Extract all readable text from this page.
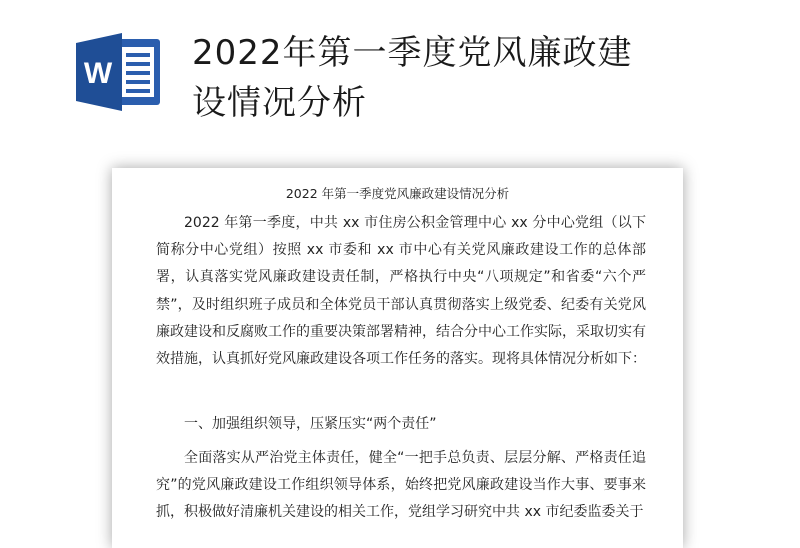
W
2022年第一季度党风廉政建设情况分析
2022 年第一季度党风廉政建设情况分析

2022 年第一季度，中共 xx 市住房公积金管理中心 xx 分中心党组（以下简称分中心党组）按照 xx 市委和 xx 市中心有关党风廉政建设工作的总体部署，认真落实党风廉政建设责任制，严格执行中央“八项规定”和省委“六个严禁”，及时组织班子成员和全体党员干部认真贯彻落实上级党委、纪委有关党风廉政建设和反腐败工作的重要决策部署精神，结合分中心工作实际，采取切实有效措施，认真抓好党风廉政建设各项工作任务的落实。现将具体情况分析如下：

一、加强组织领导，压紧压实“两个责任”

全面落实从严治党主体责任，健全“一把手总负责、层层分解、严格责任追究”的党风廉政建设工作组织领导体系，始终把党风廉政建设当作大事、要事来抓，积极做好清廉机关建设的相关工作，党组学习研究中共 xx 市纪委监委关于
